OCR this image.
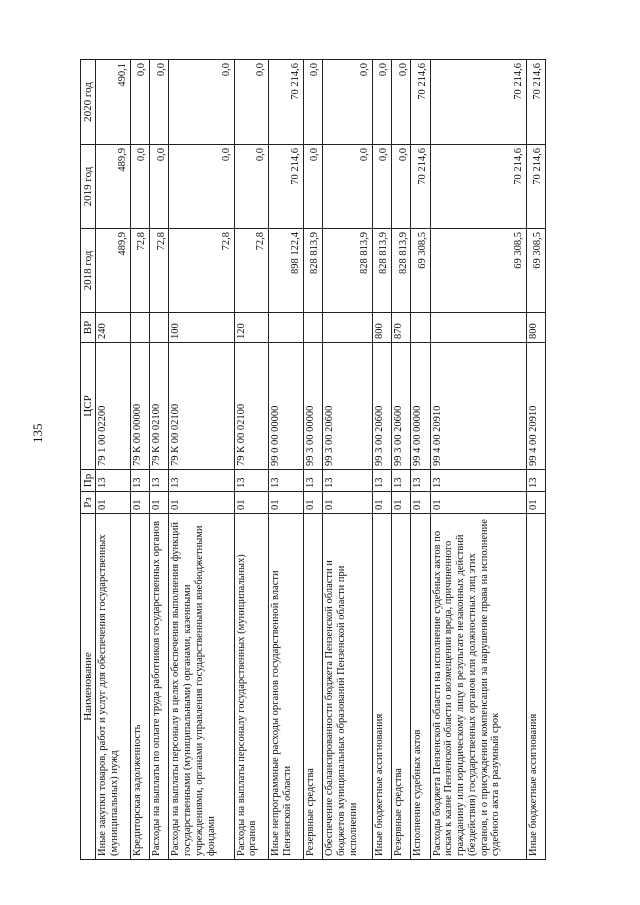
135
Наименование	Рз	Пр	ЦСР	ВР	2018 год	2019 год	2020 год
Иные закупки товаров, работ и услуг для обеспечения государственных (муниципальных) нужд	01	13	79 1 00 02200	240	489,9	489,9	490,1
Кредиторская задолженность	01	13	79 К 00 00000		72,8	0,0	0,0
Расходы на выплаты по оплате труда работников государственных органов	01	13	79 К 00 02100		72,8	0,0	0,0
Расходы на выплаты персоналу в целях обеспечения выполнения функций государственными (муниципальными) органами, казенными учреждениями, органами управления государственными внебюджетными фондами	01	13	79 К 00 02100	100	72,8	0,0	0,0
Расходы на выплаты персоналу государственных (муниципальных) органов	01	13	79 К 00 02100	120	72,8	0,0	0,0
Иные непрограммные расходы органов государственной власти Пензенской области	01	13	99 0 00 00000		898 122,4	70 214,6	70 214,6
Резервные средства	01	13	99 3 00 00000		828 813,9	0,0	0,0
Обеспечение сбалансированности бюджета Пензенской области и бюджетов муниципальных образований Пензенской области при исполнении	01	13	99 3 00 20600		828 813,9	0,0	0,0
Иные бюджетные ассигнования	01	13	99 3 00 20600	800	828 813,9	0,0	0,0
Резервные средства	01	13	99 3 00 20600	870	828 813,9	0,0	0,0
Исполнение судебных актов	01	13	99 4 00 00000		69 308,5	70 214,6	70 214,6
Расходы бюджета Пензенской области на исполнение судебных актов по искам к казне Пензенской области о возмещении вреда, причиненного гражданину или юридическому лицу в результате незаконных действий (бездействия) государственных органов или должностных лиц этих органов, и о присуждении компенсации за нарушение права на исполнение судебного акта в разумный срок	01	13	99 4 00 20910		69 308,5	70 214,6	70 214,6
Иные бюджетные ассигнования	01	13	99 4 00 20910	800	69 308,5	70 214,6	70 214,6
